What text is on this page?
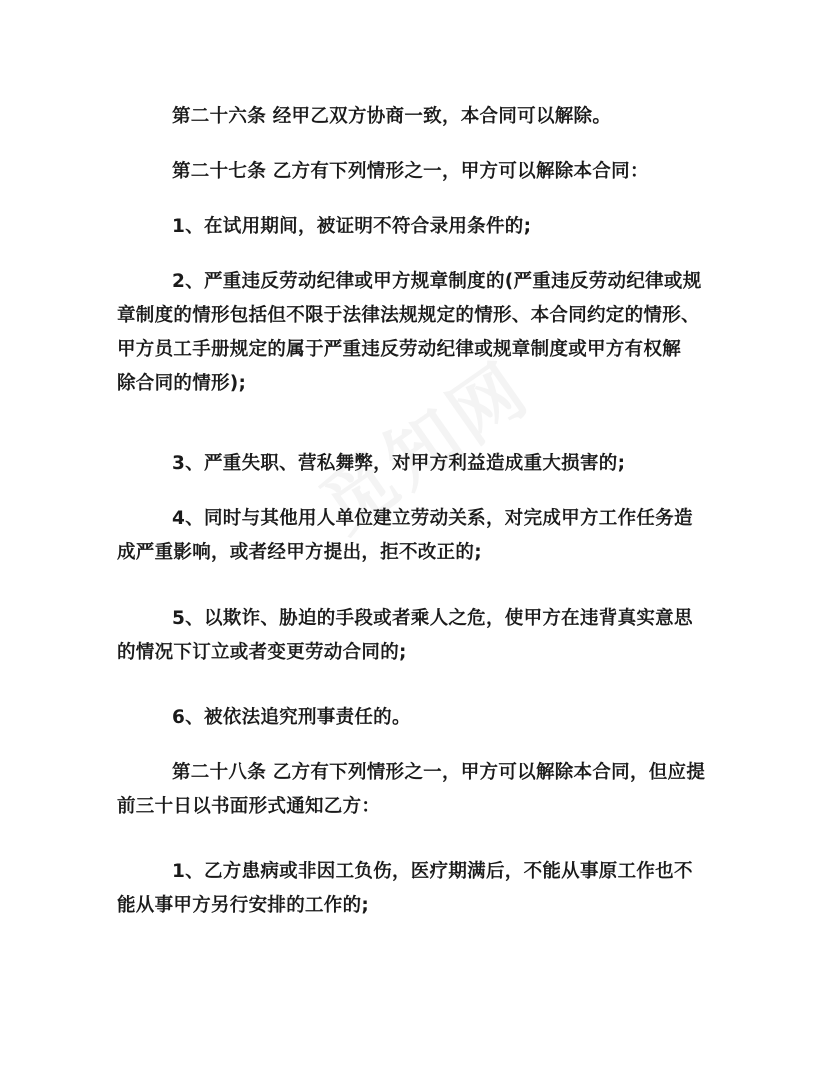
第二十六条 经甲乙双方协商一致，本合同可以解除。
第二十七条 乙方有下列情形之一，甲方可以解除本合同：
1、在试用期间，被证明不符合录用条件的;
2、严重违反劳动纪律或甲方规章制度的(严重违反劳动纪律或规
章制度的情形包括但不限于法律法规规定的情形、本合同约定的情形、
甲方员工手册规定的属于严重违反劳动纪律或规章制度或甲方有权解
除合同的情形);
3、严重失职、营私舞弊，对甲方利益造成重大损害的;
4、同时与其他用人单位建立劳动关系，对完成甲方工作任务造
成严重影响，或者经甲方提出，拒不改正的;
5、以欺诈、胁迫的手段或者乘人之危，使甲方在违背真实意思
的情况下订立或者变更劳动合同的;
6、被依法追究刑事责任的。
第二十八条 乙方有下列情形之一，甲方可以解除本合同，但应提
前三十日以书面形式通知乙方：
1、乙方患病或非因工负伤，医疗期满后，不能从事原工作也不
能从事甲方另行安排的工作的;
